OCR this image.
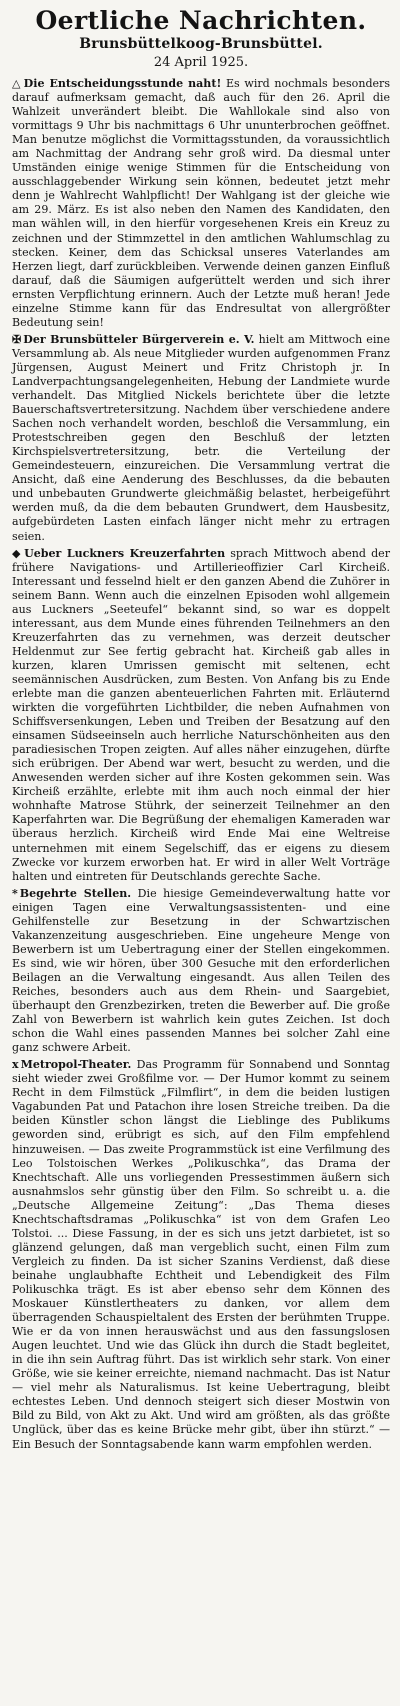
Oertliche Nachrichten.
Brunsbüttelkoog-Brunsbüttel.
24 April 1925.

△ Die Entscheidungsstunde naht! Es wird nochmals besonders darauf aufmerksam gemacht, daß auch für den 26. April die Wahlzeit unverändert bleibt. Die Wahllokale sind also von vormittags 9 Uhr bis nachmittags 6 Uhr ununterbrochen geöffnet. Man benutze möglichst die Vormittagsstunden, da voraussichtlich am Nachmittag der Andrang sehr groß wird. Da diesmal unter Umständen einige wenige Stimmen für die Entscheidung von ausschlaggebender Wirkung sein können, bedeutet jetzt mehr denn je Wahlrecht Wahlpflicht! Der Wahlgang ist der gleiche wie am 29. März. Es ist also neben den Namen des Kandidaten, den man wählen will, in den hierfür vorgesehenen Kreis ein Kreuz zu zeichnen und der Stimmzettel in den amtlichen Wahlumschlag zu stecken. Keiner, dem das Schicksal unseres Vaterlandes am Herzen liegt, darf zurückbleiben. Verwende deinen ganzen Einfluß darauf, daß die Säumigen aufgerüttelt werden und sich ihrer ernsten Verpflichtung erinnern. Auch der Letzte muß heran! Jede einzelne Stimme kann für das Endresultat von allergrößter Bedeutung sein!

✠ Der Brunsbütteler Bürgerverein e. V. hielt am Mittwoch eine Versammlung ab. Als neue Mitglieder wurden aufgenommen Franz Jürgensen, August Meinert und Fritz Christoph jr. In Landverpachtungsangelegenheiten, Hebung der Landmiete wurde verhandelt. Das Mitglied Nickels berichtete über die letzte Bauerschaftsvertretersitzung. Nachdem über verschiedene andere Sachen noch verhandelt worden, beschloß die Versammlung, ein Protestschreiben gegen den Beschluß der letzten Kirchspielsvertretersitzung, betr. die Verteilung der Gemeindesteuern, einzureichen. Die Versammlung vertrat die Ansicht, daß eine Aenderung des Beschlusses, da die bebauten und unbebauten Grundwerte gleichmäßig belastet, herbeigeführt werden muß, da die dem bebauten Grundwert, dem Hausbesitz, aufgebürdeten Lasten einfach länger nicht mehr zu ertragen seien.

◆ Ueber Luckners Kreuzerfahrten sprach Mittwoch abend der frühere Navigations- und Artillerieoffizier Carl Kircheiß. Interessant und fesselnd hielt er den ganzen Abend die Zuhörer in seinem Bann. Wenn auch die einzelnen Episoden wohl allgemein aus Luckners „Seeteufel“ bekannt sind, so war es doppelt interessant, aus dem Munde eines führenden Teilnehmers an den Kreuzerfahrten das zu vernehmen, was derzeit deutscher Heldenmut zur See fertig gebracht hat. Kircheiß gab alles in kurzen, klaren Umrissen gemischt mit seltenen, echt seemännischen Ausdrücken, zum Besten. Von Anfang bis zu Ende erlebte man die ganzen abenteuerlichen Fahrten mit. Erläuternd wirkten die vorgeführten Lichtbilder, die neben Aufnahmen von Schiffsversenkungen, Leben und Treiben der Besatzung auf den einsamen Südseeinseln auch herrliche Naturschönheiten aus den paradiesischen Tropen zeigten. Auf alles näher einzugehen, dürfte sich erübrigen. Der Abend war wert, besucht zu werden, und die Anwesenden werden sicher auf ihre Kosten gekommen sein. Was Kircheiß erzählte, erlebte mit ihm auch noch einmal der hier wohnhafte Matrose Stührk, der seinerzeit Teilnehmer an den Kaperfahrten war. Die Begrüßung der ehemaligen Kameraden war überaus herzlich. Kircheiß wird Ende Mai eine Weltreise unternehmen mit einem Segelschiff, das er eigens zu diesem Zwecke vor kurzem erworben hat. Er wird in aller Welt Vorträge halten und eintreten für Deutschlands gerechte Sache.

* Begehrte Stellen. Die hiesige Gemeindeverwaltung hatte vor einigen Tagen eine Verwaltungsassistenten- und eine Gehilfenstelle zur Besetzung in der Schwartzischen Vakanzenzeitung ausgeschrieben. Eine ungeheure Menge von Bewerbern ist um Uebertragung einer der Stellen eingekommen. Es sind, wie wir hören, über 300 Gesuche mit den erforderlichen Beilagen an die Verwaltung eingesandt. Aus allen Teilen des Reiches, besonders auch aus dem Rhein- und Saargebiet, überhaupt den Grenzbezirken, treten die Bewerber auf. Die große Zahl von Bewerbern ist wahrlich kein gutes Zeichen. Ist doch schon die Wahl eines passenden Mannes bei solcher Zahl eine ganz schwere Arbeit.

x Metropol-Theater. Das Programm für Sonnabend und Sonntag sieht wieder zwei Großfilme vor. — Der Humor kommt zu seinem Recht in dem Filmstück „Filmflirt“, in dem die beiden lustigen Vagabunden Pat und Patachon ihre losen Streiche treiben. Da die beiden Künstler schon längst die Lieblinge des Publikums geworden sind, erübrigt es sich, auf den Film empfehlend hinzuweisen. — Das zweite Programmstück ist eine Verfilmung des Leo Tolstoischen Werkes „Polikuschka“, das Drama der Knechtschaft. Alle uns vorliegenden Pressestimmen äußern sich ausnahmslos sehr günstig über den Film. So schreibt u. a. die „Deutsche Allgemeine Zeitung“: „Das Thema dieses Knechtschaftsdramas „Polikuschka“ ist von dem Grafen Leo Tolstoi. ... Diese Fassung, in der es sich uns jetzt darbietet, ist so glänzend gelungen, daß man vergeblich sucht, einen Film zum Vergleich zu finden. Da ist sicher Szanins Verdienst, daß diese beinahe unglaubhafte Echtheit und Lebendigkeit des Film Polikuschka trägt. Es ist aber ebenso sehr dem Können des Moskauer Künstlertheaters zu danken, vor allem dem überragenden Schauspieltalent des Ersten der berühmten Truppe. Wie er da von innen herauswächst und aus den fassungslosen Augen leuchtet. Und wie das Glück ihn durch die Stadt begleitet, in die ihn sein Auftrag führt. Das ist wirklich sehr stark. Von einer Größe, wie sie keiner erreichte, niemand nachmacht. Das ist Natur — viel mehr als Naturalismus. Ist keine Uebertragung, bleibt echtestes Leben. Und dennoch steigert sich dieser Mostwin von Bild zu Bild, von Akt zu Akt. Und wird am größten, als das größte Unglück, über das es keine Brücke mehr gibt, über ihn stürzt.“ — Ein Besuch der Sonntagsabende kann warm empfohlen werden.
